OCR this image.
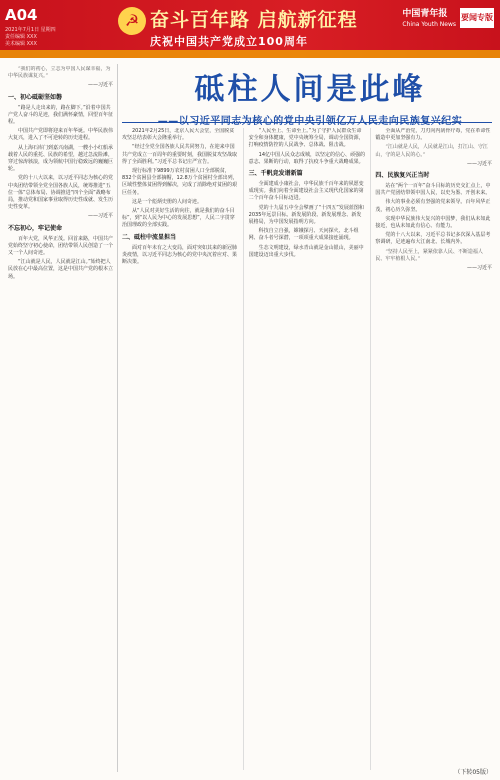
A04
2021年7月1日 星期四
责任编辑 XXX
美术编辑 XXX
☭ 奋斗百年路 启航新征程
庆祝中国共产党成立100周年
中国青年报
China Youth News
要闻专版
砥柱人间是此峰

“我们的初心，立志为中国人民谋幸福，为中华民族谋复兴。”

——习近平

一、初心砥砺坚如磐

“路是人走出来的，路在脚下。”沿着中国共产党人奋斗的足迹，我们满怀豪情，回望百年征程。

中国共产党即将迎来百年华诞。中华民族伟大复兴，进入了不可逆转的历史进程。

从上海石库门到嘉兴南湖，一艘小小红船承载着人民的重托、民族的希望，越过急流险滩，穿过惊涛骇浪，成为领航中国行稳致远的巍巍巨轮。

党的十八大以来，以习近平同志为核心的党中央团结带领全党全国各族人民，统筹推进“五位一体”总体布局、协调推进“四个全面”战略布局，推动党和国家事业取得历史性成就、发生历史性变革。

——习近平

不忘初心，牢记使命

百年大党，风华正茂。回首来路，中国共产党始终坚守初心使命，团结带领人民创造了一个又一个人间奇迹。

“江山就是人民，人民就是江山。”始终把人民放在心中最高位置，这是中国共产党的根本立场。

2021年2月25日，北京人民大会堂，全国脱贫攻坚总结表彰大会隆重举行。

“经过全党全国各族人民共同努力，在迎来中国共产党成立一百周年的重要时刻，我国脱贫攻坚战取得了全面胜利。”习近平总书记庄严宣告。

现行标准下9899万农村贫困人口全部脱贫，832个贫困县全部摘帽，12.8万个贫困村全部出列，区域性整体贫困得到解决，完成了消除绝对贫困的艰巨任务。

这是一个彪炳史册的人间奇迹。

从“人民对美好生活的向往，就是我们的奋斗目标”，到“以人民为中心的发展思想”，人民二字贯穿治国理政的全部实践。

二、砥柱中流显担当

面对百年未有之大变局，面对突如其来的新冠肺炎疫情，以习近平同志为核心的党中央沉着应对、果断决策。

“人民至上、生命至上。”为了守护人民群众生命安全和身体健康，党中央统筹全局，调动全国资源，打响疫情防控的人民战争、总体战、阻击战。

14亿中国人民众志成城，以坚定的信心、顽强的意志、果断的行动，取得了抗疫斗争重大战略成果。

三、千帆竞发谱新篇

全面建成小康社会，中华民族千百年来的夙愿变成现实。我们向着全面建设社会主义现代化国家的第二个百年奋斗目标迈进。

党的十九届五中全会擘画了“十四五”发展蓝图和2035年远景目标。新发展阶段、新发展理念、新发展格局，为中国发展指明方向。

科技自立自强，嫦娥探月、天问探火、北斗组网、奋斗者号深潜，一项项重大成果接连涌现。

生态文明建设，绿水青山就是金山银山，美丽中国建设迈出重大步伐。

全面从严治党，刀刃向内刮骨疗毒，党在革命性锻造中更加坚强有力。

“江山就是人民，人民就是江山，打江山、守江山，守的是人民的心。”

——习近平

四、民族复兴正当时

站在“两个一百年”奋斗目标的历史交汇点上，中国共产党团结带领中国人民，以史为鉴、开创未来。

伟大的事业必须有坚强的党来领导。百年风华正茂，初心历久弥坚。

实现中华民族伟大复兴的中国梦，我们从未如此接近，也从未如此有信心、有能力。

党的十八大以来，习近平总书记多次深入基层考察调研，足迹遍布大江南北、长城内外。

“坚持人民至上，紧紧依靠人民、不断造福人民、牢牢植根人民。”

——习近平

（下转05版）
